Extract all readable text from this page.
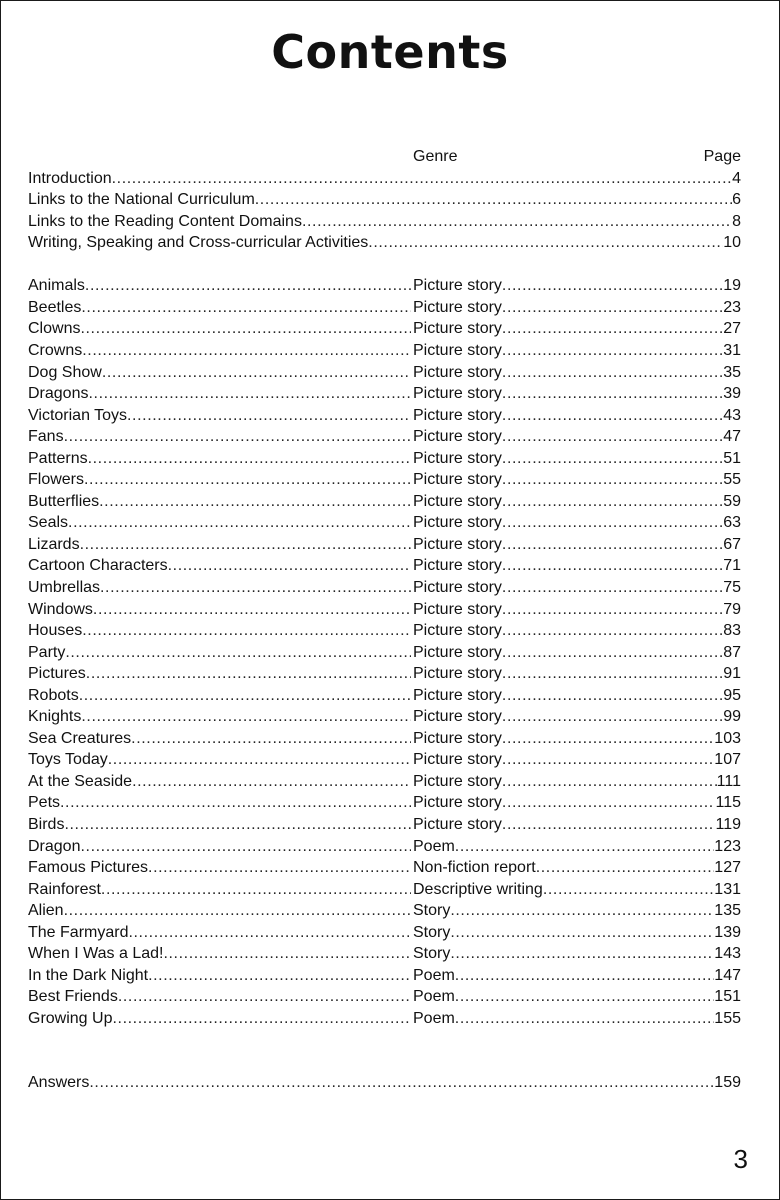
Contents
Genre	Page
Introduction .....	4
Links to the National Curriculum .....	6
Links to the Reading Content Domains .....	8
Writing, Speaking and Cross-curricular Activities .....	10
Animals .....	Picture story .....	19
Beetles .....	Picture story .....	23
Clowns .....	Picture story .....	27
Crowns .....	Picture story .....	31
Dog Show .....	Picture story .....	35
Dragons .....	Picture story .....	39
Victorian Toys .....	Picture story .....	43
Fans .....	Picture story .....	47
Patterns .....	Picture story .....	51
Flowers .....	Picture story .....	55
Butterflies .....	Picture story .....	59
Seals .....	Picture story .....	63
Lizards .....	Picture story .....	67
Cartoon Characters .....	Picture story .....	71
Umbrellas .....	Picture story .....	75
Windows .....	Picture story .....	79
Houses .....	Picture story .....	83
Party .....	Picture story .....	87
Pictures .....	Picture story .....	91
Robots .....	Picture story .....	95
Knights .....	Picture story .....	99
Sea Creatures .....	Picture story .....	103
Toys Today .....	Picture story .....	107
At the Seaside .....	Picture story .....	111
Pets .....	Picture story .....	115
Birds .....	Picture story .....	119
Dragon .....	Poem .....	123
Famous Pictures .....	Non-fiction report .....	127
Rainforest .....	Descriptive writing .....	131
Alien .....	Story .....	135
The Farmyard .....	Story .....	139
When I Was a Lad! .....	Story .....	143
In the Dark Night .....	Poem .....	147
Best Friends .....	Poem .....	151
Growing Up .....	Poem .....	155
Answers .....	159
3
